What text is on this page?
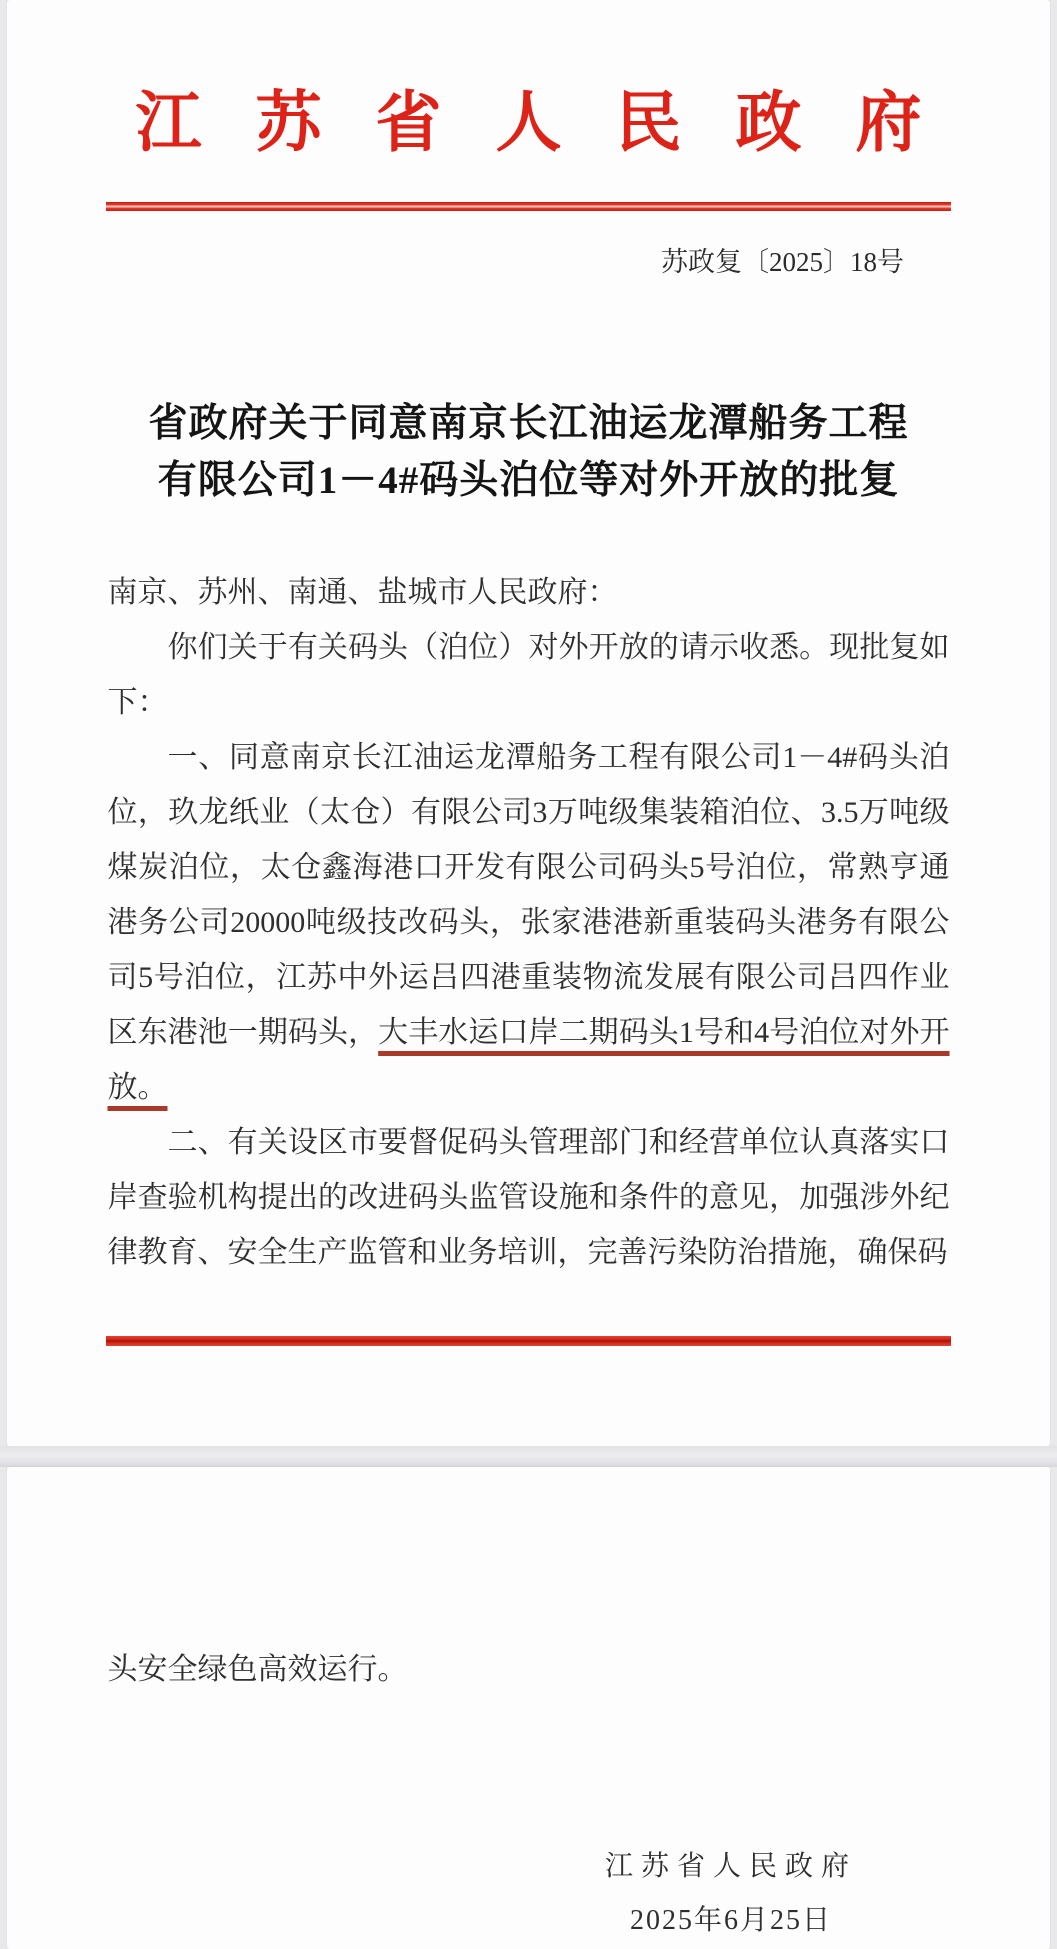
江苏省人民政府
苏政复〔2025〕18号
省政府关于同意南京长江油运龙潭船务工程
有限公司1－4#码头泊位等对外开放的批复

南京、苏州、南通、盐城市人民政府：

你们关于有关码头（泊位）对外开放的请示收悉。现批复如下：

一、同意南京长江油运龙潭船务工程有限公司1－4#码头泊位，玖龙纸业（太仓）有限公司3万吨级集装箱泊位、3.5万吨级煤炭泊位，太仓鑫海港口开发有限公司码头5号泊位，常熟亨通港务公司20000吨级技改码头，张家港港新重装码头港务有限公司5号泊位，江苏中外运吕四港重装物流发展有限公司吕四作业区东港池一期码头，大丰水运口岸二期码头1号和4号泊位对外开放。

二、有关设区市要督促码头管理部门和经营单位认真落实口岸查验机构提出的改进码头监管设施和条件的意见，加强涉外纪律教育、安全生产监管和业务培训，完善污染防治措施，确保码

头安全绿色高效运行。

江苏省人民政府
2025年6月25日
